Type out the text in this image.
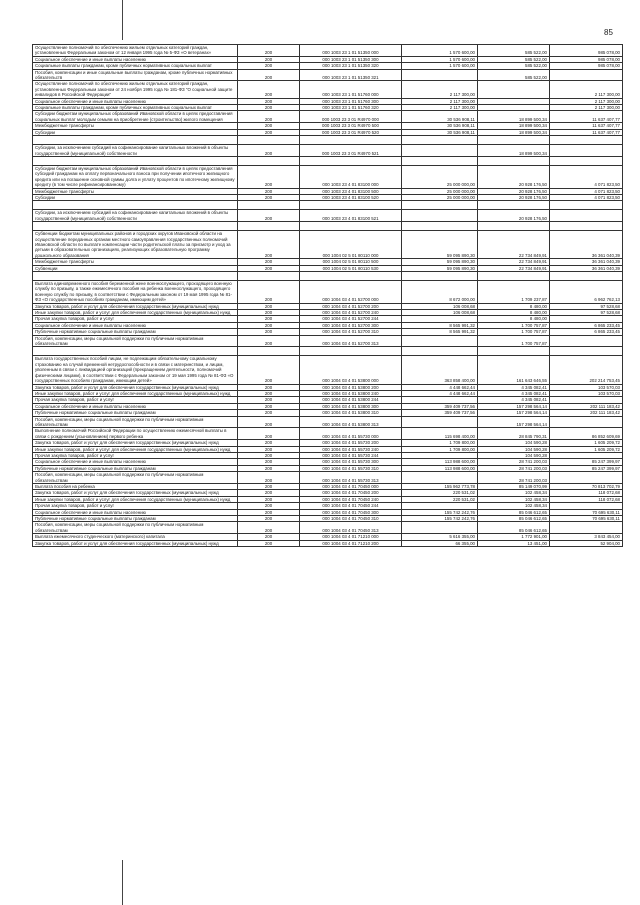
85
Осуществление полномочий по обеспечению жильем отдельных категорий граждан, установленных Федеральным законом от 12 января 1995 года № 5-ФЗ «О ветеранах»	200	000 1003 23 1 01 51350 000	1 570 600,00	585 522,00	985 078,00
Социальное обеспечение и иные выплаты населению	200	000 1003 23 1 01 51350 300	1 570 600,00	585 522,00	985 078,00
Социальные выплаты гражданам, кроме публичных нормативных социальных выплат	200	000 1003 23 1 01 51350 320	1 570 600,00	585 522,00	985 078,00
Пособия, компенсации и иные социальные выплаты гражданам, кроме публичных нормативных обязательств	200	000 1003 23 1 01 51350 321		585 522,00	
Осуществление полномочий по обеспечению жильем отдельных категорий граждан, установленных Федеральным законом от 24 ноября 1995 года № 181-ФЗ "О социальной защите инвалидов в Российской Федерации"	200	000 1003 23 1 01 51760 000	2 117 300,00		2 117 300,00
Социальное обеспечение и иные выплаты населению	200	000 1003 23 1 01 51760 300	2 117 300,00		2 117 300,00
Социальные выплаты гражданам, кроме публичных нормативных социальных выплат	200	000 1003 23 1 01 51760 320	2 117 300,00		2 117 300,00
Субсидии бюджетам муниципальных образований Ивановской области в целях предоставления социальных выплат молодым семьям на приобретение (строительство) жилого помещения	200	000 1003 23 3 01 R4970 000	30 536 908,11	18 899 500,34	11 637 407,77
Межбюджетные трансферты	200	000 1003 23 3 01 R4970 500	30 536 908,11	18 899 500,34	11 637 407,77
Субсидии	200	000 1003 23 3 01 R4970 520	30 536 908,11	18 899 500,34	11 637 407,77

Субсидии, за исключением субсидий на софинансирование капитальных вложений в объекты государственной (муниципальной) собственности	200	000 1003 23 3 01 R4970 521		18 899 500,34	

Субсидии бюджетам муниципальных образований Ивановской области в целях предоставления субсидий гражданам на оплату первоначального взноса при получении ипотечного жилищного кредита или на погашение основной суммы долга и уплату процентов по ипотечному жилищному кредиту (в том числе рефинансированному)	200	000 1003 23 4 01 83100 000	25 000 000,00	20 928 176,50	4 071 823,50
Межбюджетные трансферты	200	000 1003 23 4 01 83100 500	25 000 000,00	20 928 176,50	4 071 823,50
Субсидии	200	000 1003 23 4 01 83100 520	25 000 000,00	20 928 176,50	4 071 823,50

Субсидии, за исключением субсидий на софинансирование капитальных вложений в объекты государственной (муниципальной) собственности	200	000 1003 23 4 01 83100 521		20 928 176,50	

Субвенции бюджетам муниципальных районов и городских округов Ивановской области на осуществление переданных органам местного самоуправления государственных полномочий Ивановской области по выплате компенсации части родительской платы за присмотр и уход за детьми в образовательных организациях, реализующих образовательную программу дошкольного образования	200	000 1004 02 5 01 80110 000	59 095 890,30	22 734 849,91	36 361 040,39
Межбюджетные трансферты	200	000 1004 02 5 01 80110 500	59 095 890,30	22 734 849,91	36 361 040,39
Субвенции	200	000 1004 02 5 01 80110 530	59 095 890,30	22 734 849,91	36 361 040,39

Выплата единовременного пособия беременной жене военнослужащего, проходящего военную службу по призыву, а также ежемесячного пособия на ребенка военнослужащего, проходящего военную службу по призыву, в соответствии с Федеральным законом от 19 мая 1995 года № 81-ФЗ «О государственных пособиях гражданам, имеющим детей»	200	000 1004 03 4 01 52700 000	8 672 000,00	1 709 237,87	6 962 762,13
Закупка товаров, работ и услуг для обеспечения государственных (муниципальных) нужд	200	000 1004 03 4 01 52700 200	106 008,68	8 480,00	97 528,68
Иные закупки товаров, работ и услуг для обеспечения государственных (муниципальных) нужд	200	000 1004 03 4 01 52700 240	106 008,68	8 480,00	97 528,68
Прочая закупка товаров, работ и услуг	200	000 1004 03 4 01 52700 244		8 480,00	
Социальное обеспечение и иные выплаты населению	200	000 1004 03 4 01 52700 300	8 565 991,32	1 700 757,87	6 865 233,45
Публичные нормативные социальные выплаты гражданам	200	000 1004 03 4 01 52700 310	8 565 991,32	1 700 757,87	6 865 233,45
Пособия, компенсации, меры социальной поддержки по публичным нормативным обязательствам	200	000 1004 03 4 01 52700 313		1 700 757,87	

Выплата государственных пособий лицам, не подлежащим обязательному социальному страхованию на случай временной нетрудоспособности и в связи с материнством, и лицам, уволенным в связи с ликвидацией организаций (прекращением деятельности, полномочий физическими лицами), в соответствии с Федеральным законом от 19 мая 1995 года № 81-ФЗ «О государственных пособиях гражданам, имеющим детей»	200	000 1004 03 4 01 53800 000	363 858 400,00	161 643 646,55	202 214 753,45
Закупка товаров, работ и услуг для обеспечения государственных (муниципальных) нужд	200	000 1004 03 4 01 53800 200	4 448 662,44	4 345 082,41	103 570,03
Иные закупки товаров, работ и услуг для обеспечения государственных (муниципальных) нужд	200	000 1004 03 4 01 53800 240	4 448 662,44	4 345 082,41	103 570,03
Прочая закупка товаров, работ и услуг	200	000 1004 03 4 01 53800 244		4 345 082,41	
Социальное обеспечение и иные выплаты населению	200	000 1004 03 4 01 53800 300	359 409 737,56	157 298 564,14	202 111 183,42
Публичные нормативные социальные выплаты гражданам	200	000 1004 03 4 01 53800 310	359 409 737,56	157 298 564,14	202 111 183,42
Пособия, компенсации, меры социальной поддержки по публичным нормативным обязательствам	200	000 1004 03 4 01 53800 313		157 298 564,14	
Выполнение полномочий Российской Федерации по осуществлению ежемесячной выплаты в связи с рождением (усыновлением) первого ребенка	200	000 1004 03 4 01 55730 000	115 698 400,00	28 845 790,31	86 852 609,69
Закупка товаров, работ и услуг для обеспечения государственных (муниципальных) нужд	200	000 1004 03 4 01 55730 200	1 709 800,00	104 590,28	1 605 209,72
Иные закупки товаров, работ и услуг для обеспечения государственных (муниципальных) нужд	200	000 1004 03 4 01 55730 240	1 709 800,00	104 590,28	1 605 209,72
Прочая закупка товаров, работ и услуг	200	000 1004 03 4 01 55730 244		104 590,28	
Социальное обеспечение и иные выплаты населению	200	000 1004 03 4 01 55730 300	113 988 600,00	28 741 200,03	85 247 399,97
Публичные нормативные социальные выплаты гражданам	200	000 1004 03 4 01 55730 310	113 988 600,00	28 741 200,03	85 247 399,97
Пособия, компенсации, меры социальной поддержки по публичным нормативным обязательствам	200	000 1004 03 4 01 55730 313		28 741 200,03	
Выплата пособия на ребенка	200	000 1004 03 4 01 70450 000	155 962 773,78	85 149 070,99	70 813 702,79
Закупка товаров, работ и услуг для обеспечения государственных (муниципальных) нужд	200	000 1004 03 4 01 70450 200	220 531,02	102 458,34	118 072,68
Иные закупки товаров, работ и услуг для обеспечения государственных (муниципальных) нужд	200	000 1004 03 4 01 70450 240	220 531,02	102 458,34	118 072,68
Прочая закупка товаров, работ и услуг	200	000 1004 03 4 01 70450 244		102 458,34	
Социальное обеспечение и иные выплаты населению	200	000 1004 03 4 01 70450 300	155 742 242,76	85 046 612,65	70 695 630,11
Публичные нормативные социальные выплаты гражданам	200	000 1004 03 4 01 70450 310	155 742 242,76	85 046 612,65	70 695 630,11
Пособия, компенсации, меры социальной поддержки по публичным нормативным обязательствам	200	000 1004 03 4 01 70450 313		85 046 612,65	
Выплата ежемесячного студенческого (материнского) капитала	200	000 1004 03 4 01 71210 000	5 616 355,00	1 772 901,00	3 843 454,00
Закупка товаров, работ и услуг для обеспечения государственных (муниципальных) нужд	200	000 1004 03 4 01 71210 200	66 355,00	13 451,00	52 904,00
